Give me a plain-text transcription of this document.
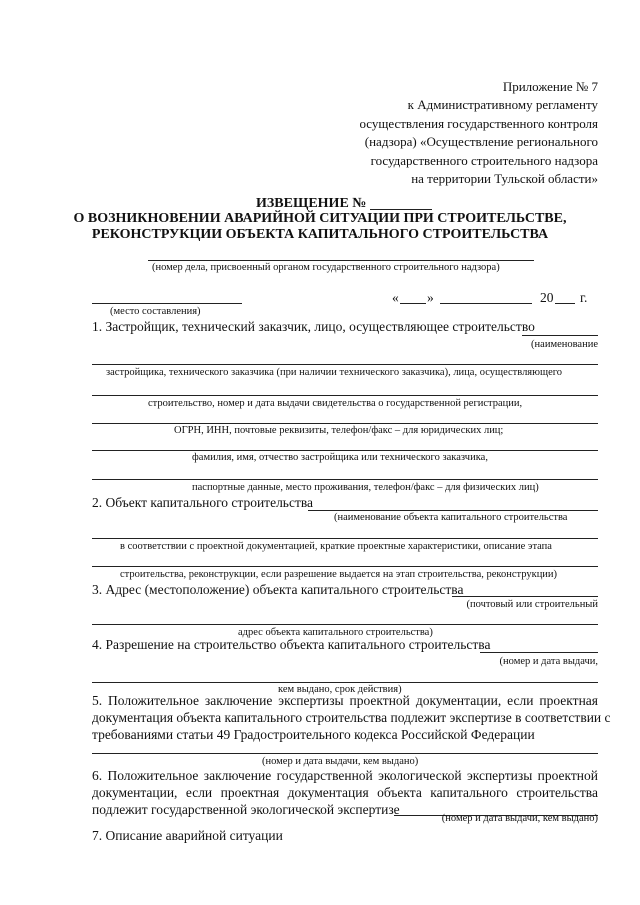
Приложение № 7
к Административному регламенту
осуществления государственного контроля
(надзора) «Осуществление регионального
государственного строительного надзора
на территории Тульской области»
ИЗВЕЩЕНИЕ №
О ВОЗНИКНОВЕНИИ АВАРИЙНОЙ СИТУАЦИИ ПРИ СТРОИТЕЛЬСТВЕ,
РЕКОНСТРУКЦИИ ОБЪЕКТА КАПИТАЛЬНОГО СТРОИТЕЛЬСТВА
(номер дела, присвоенный органом государственного строительного надзора)
(место составления)
« »	20 г.
1. Застройщик, технический заказчик, лицо, осуществляющее строительство
(наименование
застройщика, технического заказчика (при наличии технического заказчика), лица, осуществляющего
строительство, номер и дата выдачи свидетельства о государственной регистрации,
ОГРН, ИНН, почтовые реквизиты, телефон/факс – для юридических лиц;
фамилия, имя, отчество застройщика или технического заказчика,
паспортные данные, место проживания, телефон/факс – для физических лиц)
2. Объект капитального строительства
(наименование объекта капитального строительства
в соответствии с проектной документацией, краткие проектные характеристики, описание этапа
строительства, реконструкции, если разрешение выдается на этап строительства, реконструкции)
3. Адрес (местоположение) объекта капитального строительства
(почтовый или строительный
адрес объекта капитального строительства)
4. Разрешение на строительство объекта капитального строительства
(номер и дата выдачи,
кем выдано, срок действия)
5. Положительное заключение экспертизы проектной документации, если проектная
документация объекта капитального строительства подлежит экспертизе в соответствии с
требованиями статьи 49 Градостроительного кодекса Российской Федерации
(номер и дата выдачи, кем выдано)
6. Положительное заключение государственной экологической экспертизы проектной
документации, если проектная документация объекта капитального строительства
подлежит государственной экологической экспертизе
(номер и дата выдачи, кем выдано)
7. Описание аварийной ситуации
